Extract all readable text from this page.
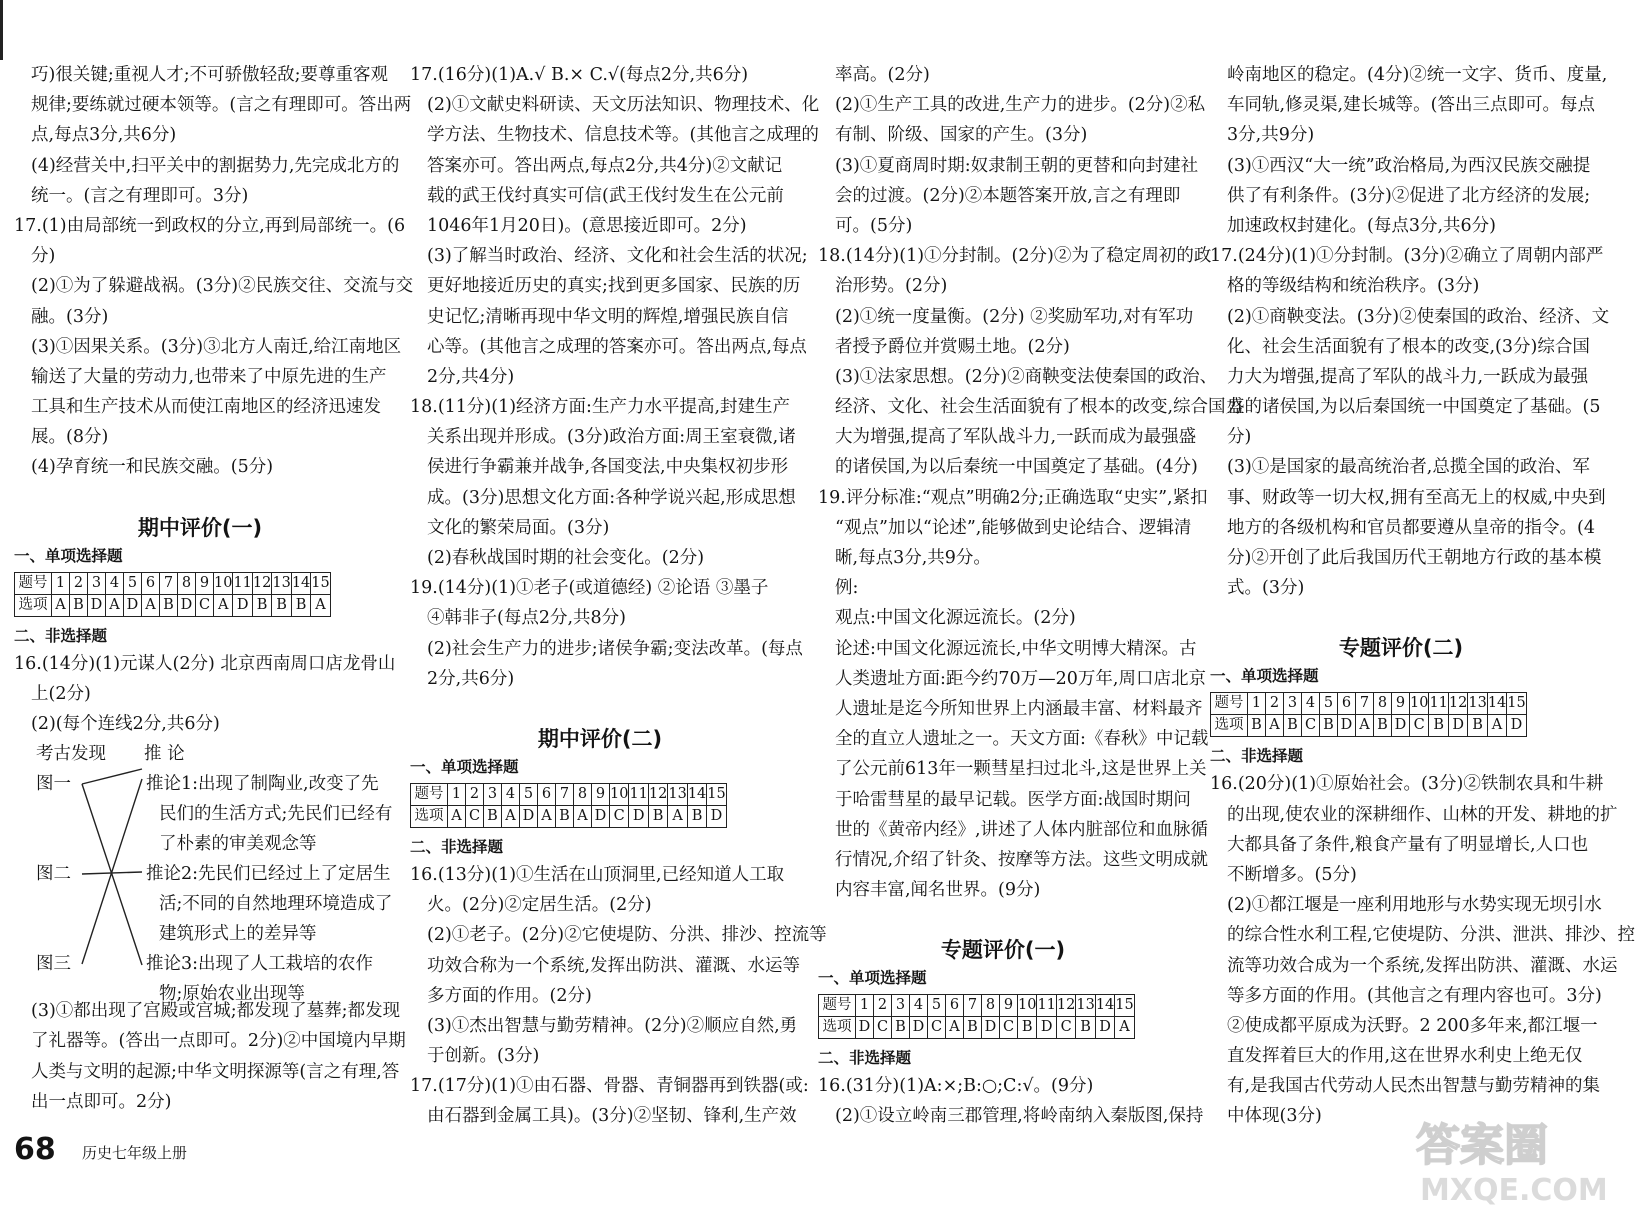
巧)很关键;重视人才;不可骄傲轻敌;要尊重客观
规律;要练就过硬本领等。(言之有理即可。答出两
点,每点3分,共6分)
(4)经营关中,扫平关中的割据势力,先完成北方的
统一。(言之有理即可。3分)
17.(1)由局部统一到政权的分立,再到局部统一。(6
分)
(2)①为了躲避战祸。(3分)②民族交往、交流与交
融。(3分)
(3)①因果关系。(3分)③北方人南迁,给江南地区
输送了大量的劳动力,也带来了中原先进的生产
工具和生产技术从而使江南地区的经济迅速发
展。(8分)
(4)孕育统一和民族交融。(5分)
期中评价(一)
一、单项选择题
题号	1	2	3	4	5	6	7	8	9	10	11	12	13	14	15
选项	A	B	D	A	D	A	B	D	C	A	D	B	B	B	A
二、非选择题
16.(14分)(1)元谋人(2分) 北京西南周口店龙骨山
上(2分)
(2)(每个连线2分,共6分)
考古发现 推 论
图一
图二
图三
推论1:出现了制陶业,改变了先
民们的生活方式;先民们已经有
了朴素的审美观念等
推论2:先民们已经过上了定居生
活;不同的自然地理环境造成了
建筑形式上的差异等
推论3:出现了人工栽培的农作
物;原始农业出现等
(3)①都出现了宫殿或宫城;都发现了墓葬;都发现
了礼器等。(答出一点即可。2分)②中国境内早期
人类与文明的起源;中华文明探源等(言之有理,答
出一点即可。2分)
17.(16分)(1)A.√ B.× C.√(每点2分,共6分)
(2)①文献史料研读、天文历法知识、物理技术、化
学方法、生物技术、信息技术等。(其他言之成理的
答案亦可。答出两点,每点2分,共4分)②文献记
载的武王伐纣真实可信(武王伐纣发生在公元前
1046年1月20日)。(意思接近即可。2分)
(3)了解当时政治、经济、文化和社会生活的状况;
更好地接近历史的真实;找到更多国家、民族的历
史记忆;清晰再现中华文明的辉煌,增强民族自信
心等。(其他言之成理的答案亦可。答出两点,每点
2分,共4分)
18.(11分)(1)经济方面:生产力水平提高,封建生产
关系出现并形成。(3分)政治方面:周王室衰微,诸
侯进行争霸兼并战争,各国变法,中央集权初步形
成。(3分)思想文化方面:各种学说兴起,形成思想
文化的繁荣局面。(3分)
(2)春秋战国时期的社会变化。(2分)
19.(14分)(1)①老子(或道德经) ②论语 ③墨子
④韩非子(每点2分,共8分)
(2)社会生产力的进步;诸侯争霸;变法改革。(每点
2分,共6分)
期中评价(二)
一、单项选择题
题号	1	2	3	4	5	6	7	8	9	10	11	12	13	14	15
选项	A	C	B	A	D	A	B	A	D	C	D	B	A	B	D
二、非选择题
16.(13分)(1)①生活在山顶洞里,已经知道人工取
火。(2分)②定居生活。(2分)
(2)①老子。(2分)②它使堤防、分洪、排沙、控流等
功效合称为一个系统,发挥出防洪、灌溉、水运等
多方面的作用。(2分)
(3)①杰出智慧与勤劳精神。(2分)②顺应自然,勇
于创新。(3分)
17.(17分)(1)①由石器、骨器、青铜器再到铁器(或:
由石器到金属工具)。(3分)②坚韧、锋利,生产效
率高。(2分)
(2)①生产工具的改进,生产力的进步。(2分)②私
有制、阶级、国家的产生。(3分)
(3)①夏商周时期:奴隶制王朝的更替和向封建社
会的过渡。(2分)②本题答案开放,言之有理即
可。(5分)
18.(14分)(1)①分封制。(2分)②为了稳定周初的政
治形势。(2分)
(2)①统一度量衡。(2分) ②奖励军功,对有军功
者授予爵位并赏赐土地。(2分)
(3)①法家思想。(2分)②商鞅变法使秦国的政治、
经济、文化、社会生活面貌有了根本的改变,综合国力
大为增强,提高了军队战斗力,一跃而成为最强盛
的诸侯国,为以后秦统一中国奠定了基础。(4分)
19.评分标准:“观点”明确2分;正确选取“史实”,紧扣
“观点”加以“论述”,能够做到史论结合、逻辑清
晰,每点3分,共9分。
例:
观点:中国文化源远流长。(2分)
论述:中国文化源远流长,中华文明博大精深。古
人类遗址方面:距今约70万—20万年,周口店北京
人遗址是迄今所知世界上内涵最丰富、材料最齐
全的直立人遗址之一。天文方面:《春秋》中记载
了公元前613年一颗彗星扫过北斗,这是世界上关
于哈雷彗星的最早记载。医学方面:战国时期问
世的《黄帝内经》,讲述了人体内脏部位和血脉循
行情况,介绍了针灸、按摩等方法。这些文明成就
内容丰富,闻名世界。(9分)
专题评价(一)
一、单项选择题
题号	1	2	3	4	5	6	7	8	9	10	11	12	13	14	15
选项	D	C	B	D	C	A	B	D	C	B	D	C	B	D	A
二、非选择题
16.(31分)(1)A:×;B:○;C:√。(9分)
(2)①设立岭南三郡管理,将岭南纳入秦版图,保持
岭南地区的稳定。(4分)②统一文字、货币、度量,
车同轨,修灵渠,建长城等。(答出三点即可。每点
3分,共9分)
(3)①西汉“大一统”政治格局,为西汉民族交融提
供了有利条件。(3分)②促进了北方经济的发展;
加速政权封建化。(每点3分,共6分)
17.(24分)(1)①分封制。(3分)②确立了周朝内部严
格的等级结构和统治秩序。(3分)
(2)①商鞅变法。(3分)②使秦国的政治、经济、文
化、社会生活面貌有了根本的改变,(3分)综合国
力大为增强,提高了军队的战斗力,一跃成为最强
盛的诸侯国,为以后秦国统一中国奠定了基础。(5
分)
(3)①是国家的最高统治者,总揽全国的政治、军
事、财政等一切大权,拥有至高无上的权威,中央到
地方的各级机构和官员都要遵从皇帝的指令。(4
分)②开创了此后我国历代王朝地方行政的基本模
式。(3分)
专题评价(二)
一、单项选择题
题号	1	2	3	4	5	6	7	8	9	10	11	12	13	14	15
选项	B	A	B	C	B	D	A	B	D	C	B	D	B	A	D
二、非选择题
16.(20分)(1)①原始社会。(3分)②铁制农具和牛耕
的出现,使农业的深耕细作、山林的开发、耕地的扩
大都具备了条件,粮食产量有了明显增长,人口也
不断增多。(5分)
(2)①都江堰是一座利用地形与水势实现无坝引水
的综合性水利工程,它使堤防、分洪、泄洪、排沙、控
流等功效合成为一个系统,发挥出防洪、灌溉、水运
等多方面的作用。(其他言之有理内容也可。3分)
②使成都平原成为沃野。2 200多年来,都江堰一
直发挥着巨大的作用,这在世界水利史上绝无仅
有,是我国古代劳动人民杰出智慧与勤劳精神的集
中体现(3分)
68 历史七年级上册	答案圈
MXQE.COM
